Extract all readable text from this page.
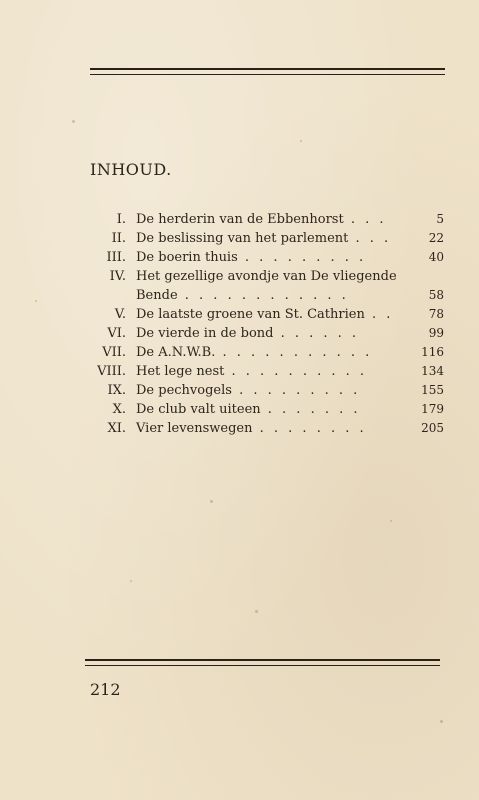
INHOUD.
I. De herderin van de Ebbenhorst . . .	5
II. De beslissing van het parlement . . .	22
III. De boerin thuis . . . . . . . . .	40
IV. Het gezellige avondje van De vliegende
Bende . . . . . . . . . . . .	58
V. De laatste groene van St. Cathrien . .	78
VI. De vierde in de bond . . . . . .	99
VII. De A.N.W.B. . . . . . . . . . . .	116
VIII. Het lege nest . . . . . . . . . .	134
IX. De pechvogels . . . . . . . . .	155
X. De club valt uiteen . . . . . . .	179
XI. Vier levenswegen . . . . . . . .	205
212
